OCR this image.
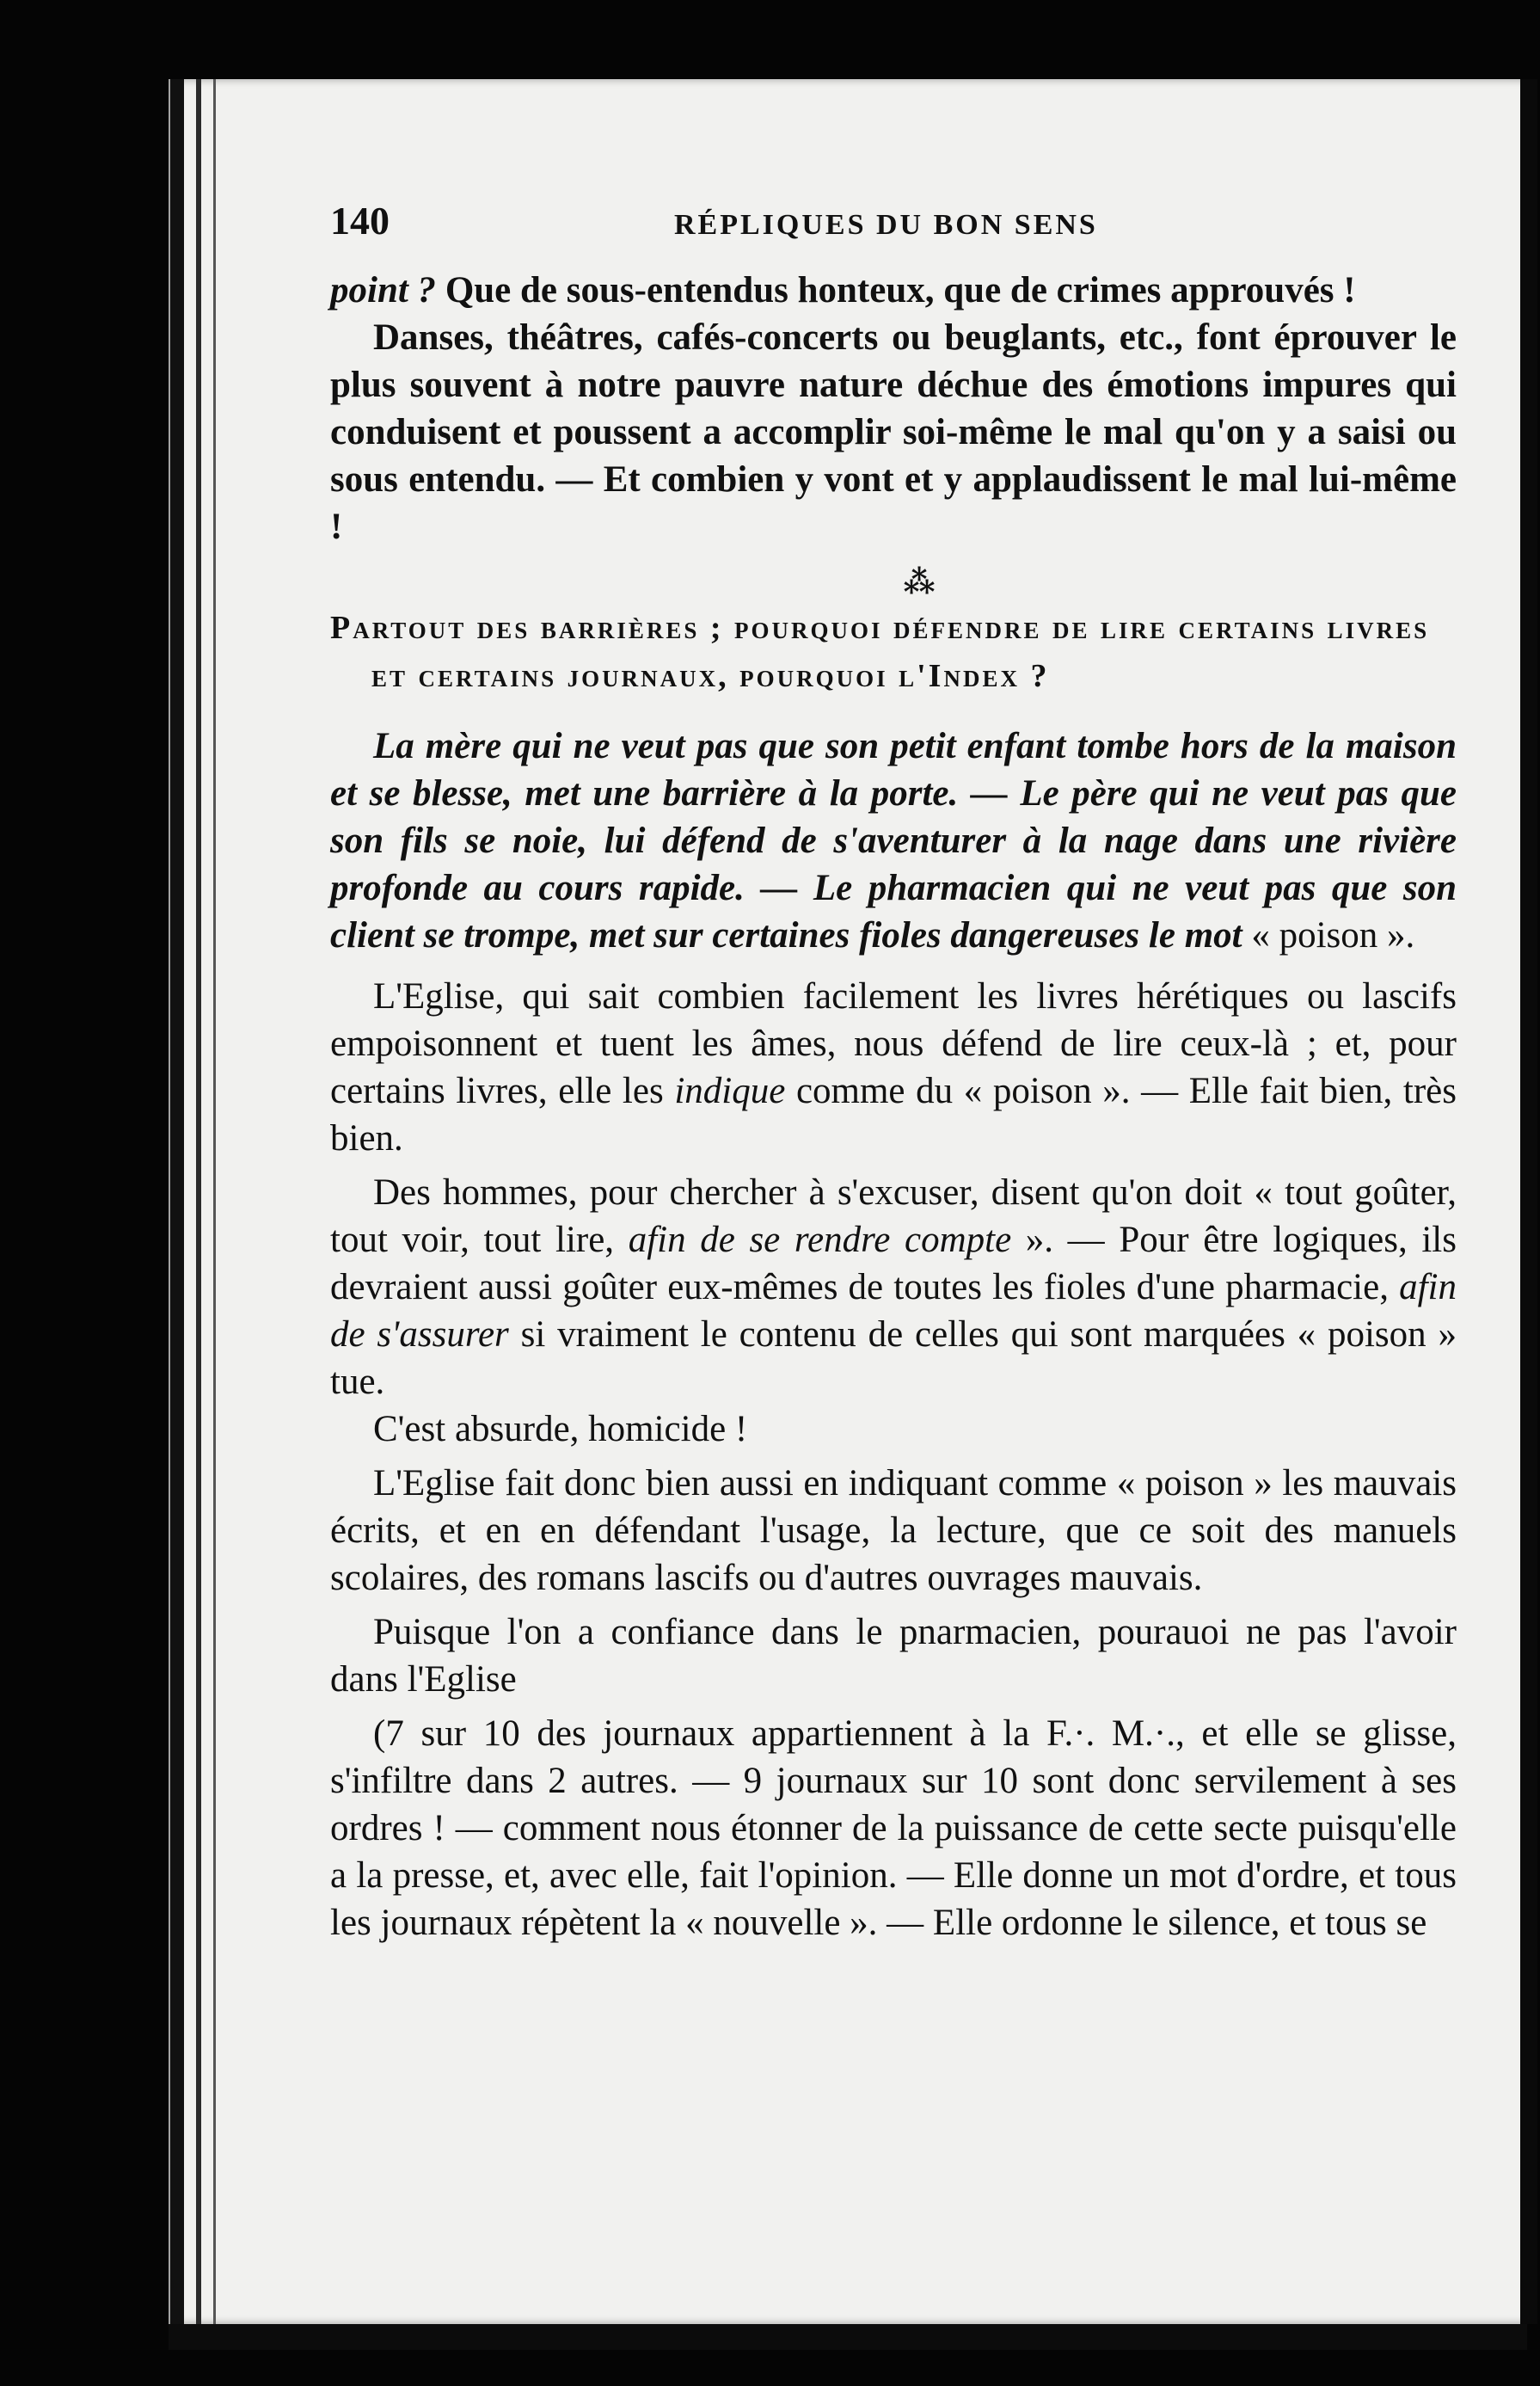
140	RÉPLIQUES DU BON SENS

point ? Que de sous-entendus honteux, que de crimes approuvés !

Danses, théâtres, cafés-concerts ou beuglants, etc., font éprouver le plus souvent à notre pauvre nature déchue des émotions impures qui conduisent et poussent a accomplir soi-même le mal qu'on y a saisi ou sous entendu. — Et combien y vont et y applaudissent le mal lui-même !

⁂

Partout des barrières ; pourquoi défendre de lire certains livres et certains journaux, pourquoi l'Index ?

La mère qui ne veut pas que son petit enfant tombe hors de la maison et se blesse, met une barrière à la porte. — Le père qui ne veut pas que son fils se noie, lui défend de s'aventurer à la nage dans une rivière profonde au cours rapide. — Le pharmacien qui ne veut pas que son client se trompe, met sur certaines fioles dangereuses le mot « poison ».

L'Eglise, qui sait combien facilement les livres hérétiques ou lascifs empoisonnent et tuent les âmes, nous défend de lire ceux-là ; et, pour certains livres, elle les indique comme du « poison ». — Elle fait bien, très bien.

Des hommes, pour chercher à s'excuser, disent qu'on doit « tout goûter, tout voir, tout lire, afin de se rendre compte ». — Pour être logiques, ils devraient aussi goûter eux-mêmes de toutes les fioles d'une pharmacie, afin de s'assurer si vraiment le contenu de celles qui sont marquées « poison » tue.

C'est absurde, homicide !

L'Eglise fait donc bien aussi en indiquant comme « poison » les mauvais écrits, et en en défendant l'usage, la lecture, que ce soit des manuels scolaires, des romans lascifs ou d'autres ouvrages mauvais.

Puisque l'on a confiance dans le pnarmacien, pourauoi ne pas l'avoir dans l'Eglise

(7 sur 10 des journaux appartiennent à la F.·. M.·., et elle se glisse, s'infiltre dans 2 autres. — 9 journaux sur 10 sont donc servilement à ses ordres ! — comment nous étonner de la puissance de cette secte puisqu'elle a la presse, et, avec elle, fait l'opinion. — Elle donne un mot d'ordre, et tous les journaux répètent la « nouvelle ». — Elle ordonne le silence, et tous se
